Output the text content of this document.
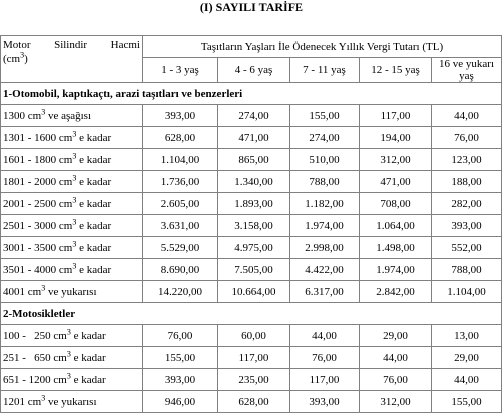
(I) SAYILI TARİFE
Motor Silindir Hacmi
$(cm^3)$	Taşıtların Yaşları İle Ödenecek Yıllık Vergi Tutarı (TL)				
	1 - 3 yaş	4 - 6 yaş	7 - 11 yaş	12 - 15 yaş	16 ve yukarı yaş
1-Otomobil, kaptıkaçtı, arazi taşıtları ve benzerleri					
1300 $cm^3$ ve aşağısı	393,00	274,00	155,00	117,00	44,00
1301 - 1600 $cm^3$ e kadar	628,00	471,00	274,00	194,00	76,00
1601 - 1800 $cm^3$ e kadar	1.104,00	865,00	510,00	312,00	123,00
1801 - 2000 $cm^3$ e kadar	1.736,00	1.340,00	788,00	471,00	188,00
2001 - 2500 $cm^3$ e kadar	2.605,00	1.893,00	1.182,00	708,00	282,00
2501 - 3000 $cm^3$ e kadar	3.631,00	3.158,00	1.974,00	1.064,00	393,00
3001 - 3500 $cm^3$ e kadar	5.529,00	4.975,00	2.998,00	1.498,00	552,00
3501 - 4000 $cm^3$ e kadar	8.690,00	7.505,00	4.422,00	1.974,00	788,00
4001 $cm^3$ ve yukarısı	14.220,00	10.664,00	6.317,00	2.842,00	1.104,00
2-Motosikletler					
100 -   250 $cm^3$ e kadar	76,00	60,00	44,00	29,00	13,00
251 -   650 $cm^3$ e kadar	155,00	117,00	76,00	44,00	29,00
651 - 1200 $cm^3$ e kadar	393,00	235,00	117,00	76,00	44,00
1201 $cm^3$ ve yukarısı	946,00	628,00	393,00	312,00	155,00
